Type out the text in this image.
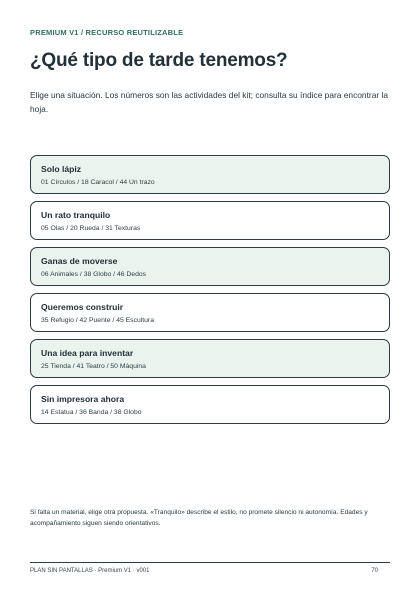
PREMIUM V1 / RECURSO REUTILIZABLE
¿Qué tipo de tarde tenemos?
Elige una situación. Los números son las actividades del kit; consulta su índice para encontrar la hoja.
Solo lápiz
01 Círculos / 18 Caracol / 44 Un trazo
Un rato tranquilo
05 Olas / 20 Rueda / 31 Texturas
Ganas de moverse
06 Animales / 38 Globo / 46 Dedos
Queremos construir
35 Refugio / 42 Puente / 45 Escultura
Una idea para inventar
25 Tienda / 41 Teatro / 50 Máquina
Sin impresora ahora
14 Estatua / 36 Banda / 38 Globo
Si falta un material, elige otra propuesta. «Tranquilo» describe el estilo, no promete silencio ni autonomía. Edades y acompañamiento siguen siendo orientativos.
PLAN SIN PANTALLAS · Premium V1 · v001	70
